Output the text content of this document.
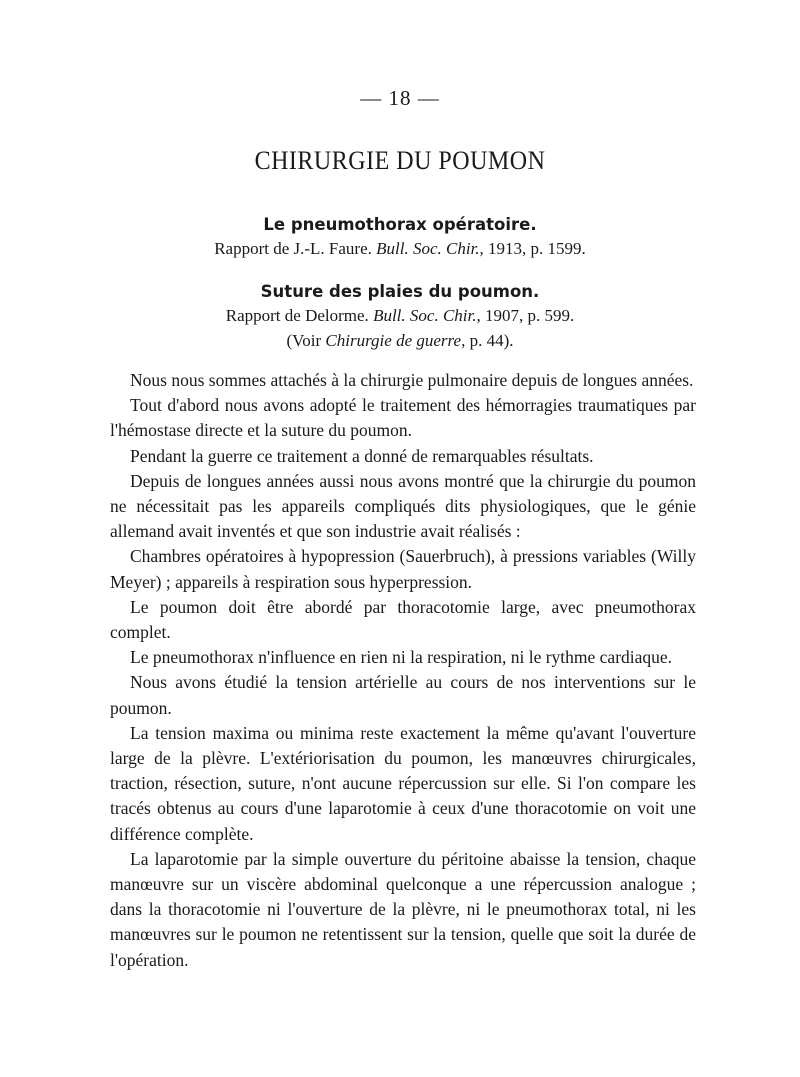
— 18 —
CHIRURGIE DU POUMON

Le pneumothorax opératoire.

Rapport de J.-L. Faure. Bull. Soc. Chir., 1913, p. 1599.

Suture des plaies du poumon.

Rapport de Delorme. Bull. Soc. Chir., 1907, p. 599.

(Voir Chirurgie de guerre, p. 44).

Nous nous sommes attachés à la chirurgie pulmonaire depuis de longues années.

Tout d'abord nous avons adopté le traitement des hémorragies traumatiques par l'hémostase directe et la suture du poumon.

Pendant la guerre ce traitement a donné de remarquables résultats.

Depuis de longues années aussi nous avons montré que la chirurgie du poumon ne nécessitait pas les appareils compliqués dits physiologiques, que le génie allemand avait inventés et que son industrie avait réalisés :

Chambres opératoires à hypopression (Sauerbruch), à pressions variables (Willy Meyer) ; appareils à respiration sous hyperpression.

Le poumon doit être abordé par thoracotomie large, avec pneumothorax complet.

Le pneumothorax n'influence en rien ni la respiration, ni le rythme cardiaque.

Nous avons étudié la tension artérielle au cours de nos interventions sur le poumon.

La tension maxima ou minima reste exactement la même qu'avant l'ouverture large de la plèvre. L'extériorisation du poumon, les manœuvres chirurgicales, traction, résection, suture, n'ont aucune répercussion sur elle. Si l'on compare les tracés obtenus au cours d'une laparotomie à ceux d'une thoracotomie on voit une différence complète.

La laparotomie par la simple ouverture du péritoine abaisse la tension, chaque manœuvre sur un viscère abdominal quelconque a une répercussion analogue ; dans la thoracotomie ni l'ouverture de la plèvre, ni le pneumothorax total, ni les manœuvres sur le poumon ne retentissent sur la tension, quelle que soit la durée de l'opération.
